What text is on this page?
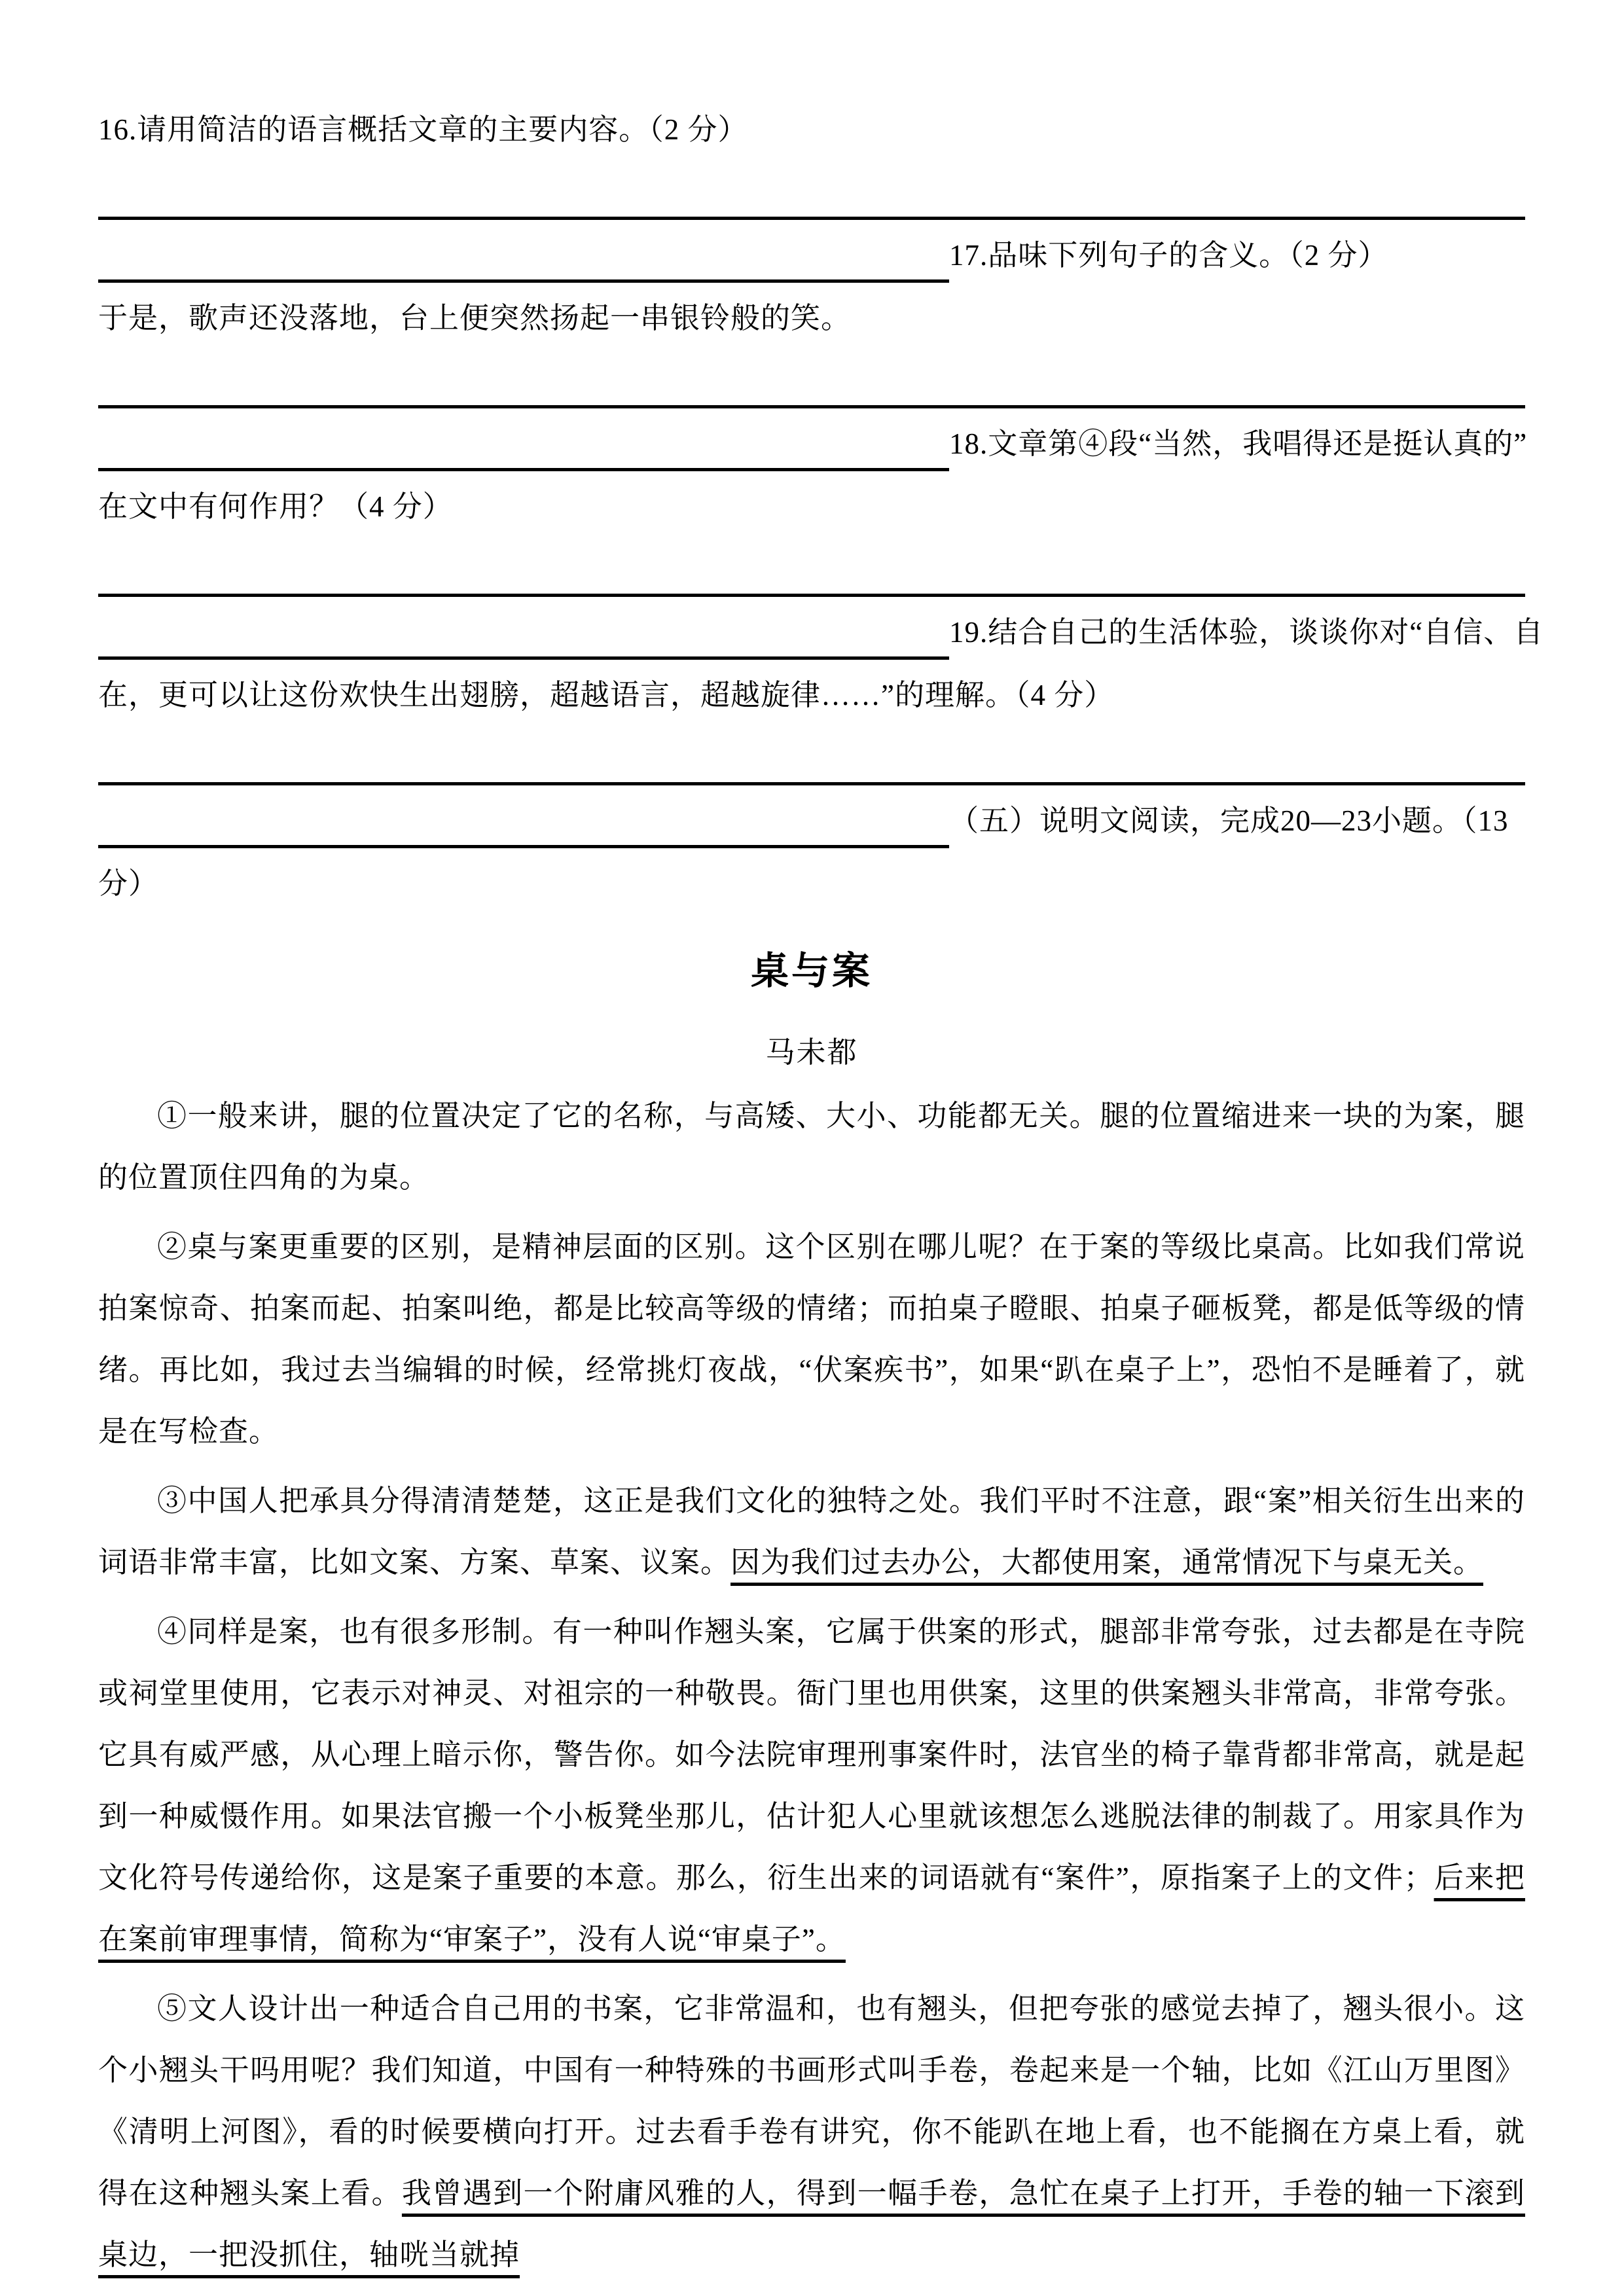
16.请用简洁的语言概括文章的主要内容。（2 分）
17.品味下列句子的含义。（2 分）
于是，歌声还没落地，台上便突然扬起一串银铃般的笑。
18.文章第④段“当然，我唱得还是挺认真的”
在文中有何作用？（4 分）
19.结合自己的生活体验，谈谈你对“自信、自
在，更可以让这份欢快生出翅膀，超越语言，超越旋律……”的理解。（4 分）
（五）说明文阅读，完成20—23小题。（13
分）
桌与案
马未都

①一般来讲，腿的位置决定了它的名称，与高矮、大小、功能都无关。腿的位置缩进来一块的为案，腿的位置顶住四角的为桌。

②桌与案更重要的区别，是精神层面的区别。这个区别在哪儿呢？在于案的等级比桌高。比如我们常说拍案惊奇、拍案而起、拍案叫绝，都是比较高等级的情绪；而拍桌子瞪眼、拍桌子砸板凳，都是低等级的情绪。再比如，我过去当编辑的时候，经常挑灯夜战，“伏案疾书”，如果“趴在桌子上”，恐怕不是睡着了，就是在写检查。

③中国人把承具分得清清楚楚，这正是我们文化的独特之处。我们平时不注意，跟“案”相关衍生出来的词语非常丰富，比如文案、方案、草案、议案。因为我们过去办公，大都使用案，通常情况下与桌无关。

④同样是案，也有很多形制。有一种叫作翘头案，它属于供案的形式，腿部非常夸张，过去都是在寺院或祠堂里使用，它表示对神灵、对祖宗的一种敬畏。衙门里也用供案，这里的供案翘头非常高，非常夸张。它具有威严感，从心理上暗示你，警告你。如今法院审理刑事案件时，法官坐的椅子靠背都非常高，就是起到一种威慑作用。如果法官搬一个小板凳坐那儿，估计犯人心里就该想怎么逃脱法律的制裁了。用家具作为文化符号传递给你，这是案子重要的本意。那么，衍生出来的词语就有“案件”，原指案子上的文件；后来把在案前审理事情，简称为“审案子”，没有人说“审桌子”。

⑤文人设计出一种适合自己用的书案，它非常温和，也有翘头，但把夸张的感觉去掉了，翘头很小。这个小翘头干吗用呢？我们知道，中国有一种特殊的书画形式叫手卷，卷起来是一个轴，比如《江山万里图》《清明上河图》，看的时候要横向打开。过去看手卷有讲究，你不能趴在地上看，也不能搁在方桌上看，就得在这种翘头案上看。我曾遇到一个附庸风雅的人，得到一幅手卷，急忙在桌子上打开，手卷的轴一下滚到桌边，一把没抓住，轴咣当就掉
